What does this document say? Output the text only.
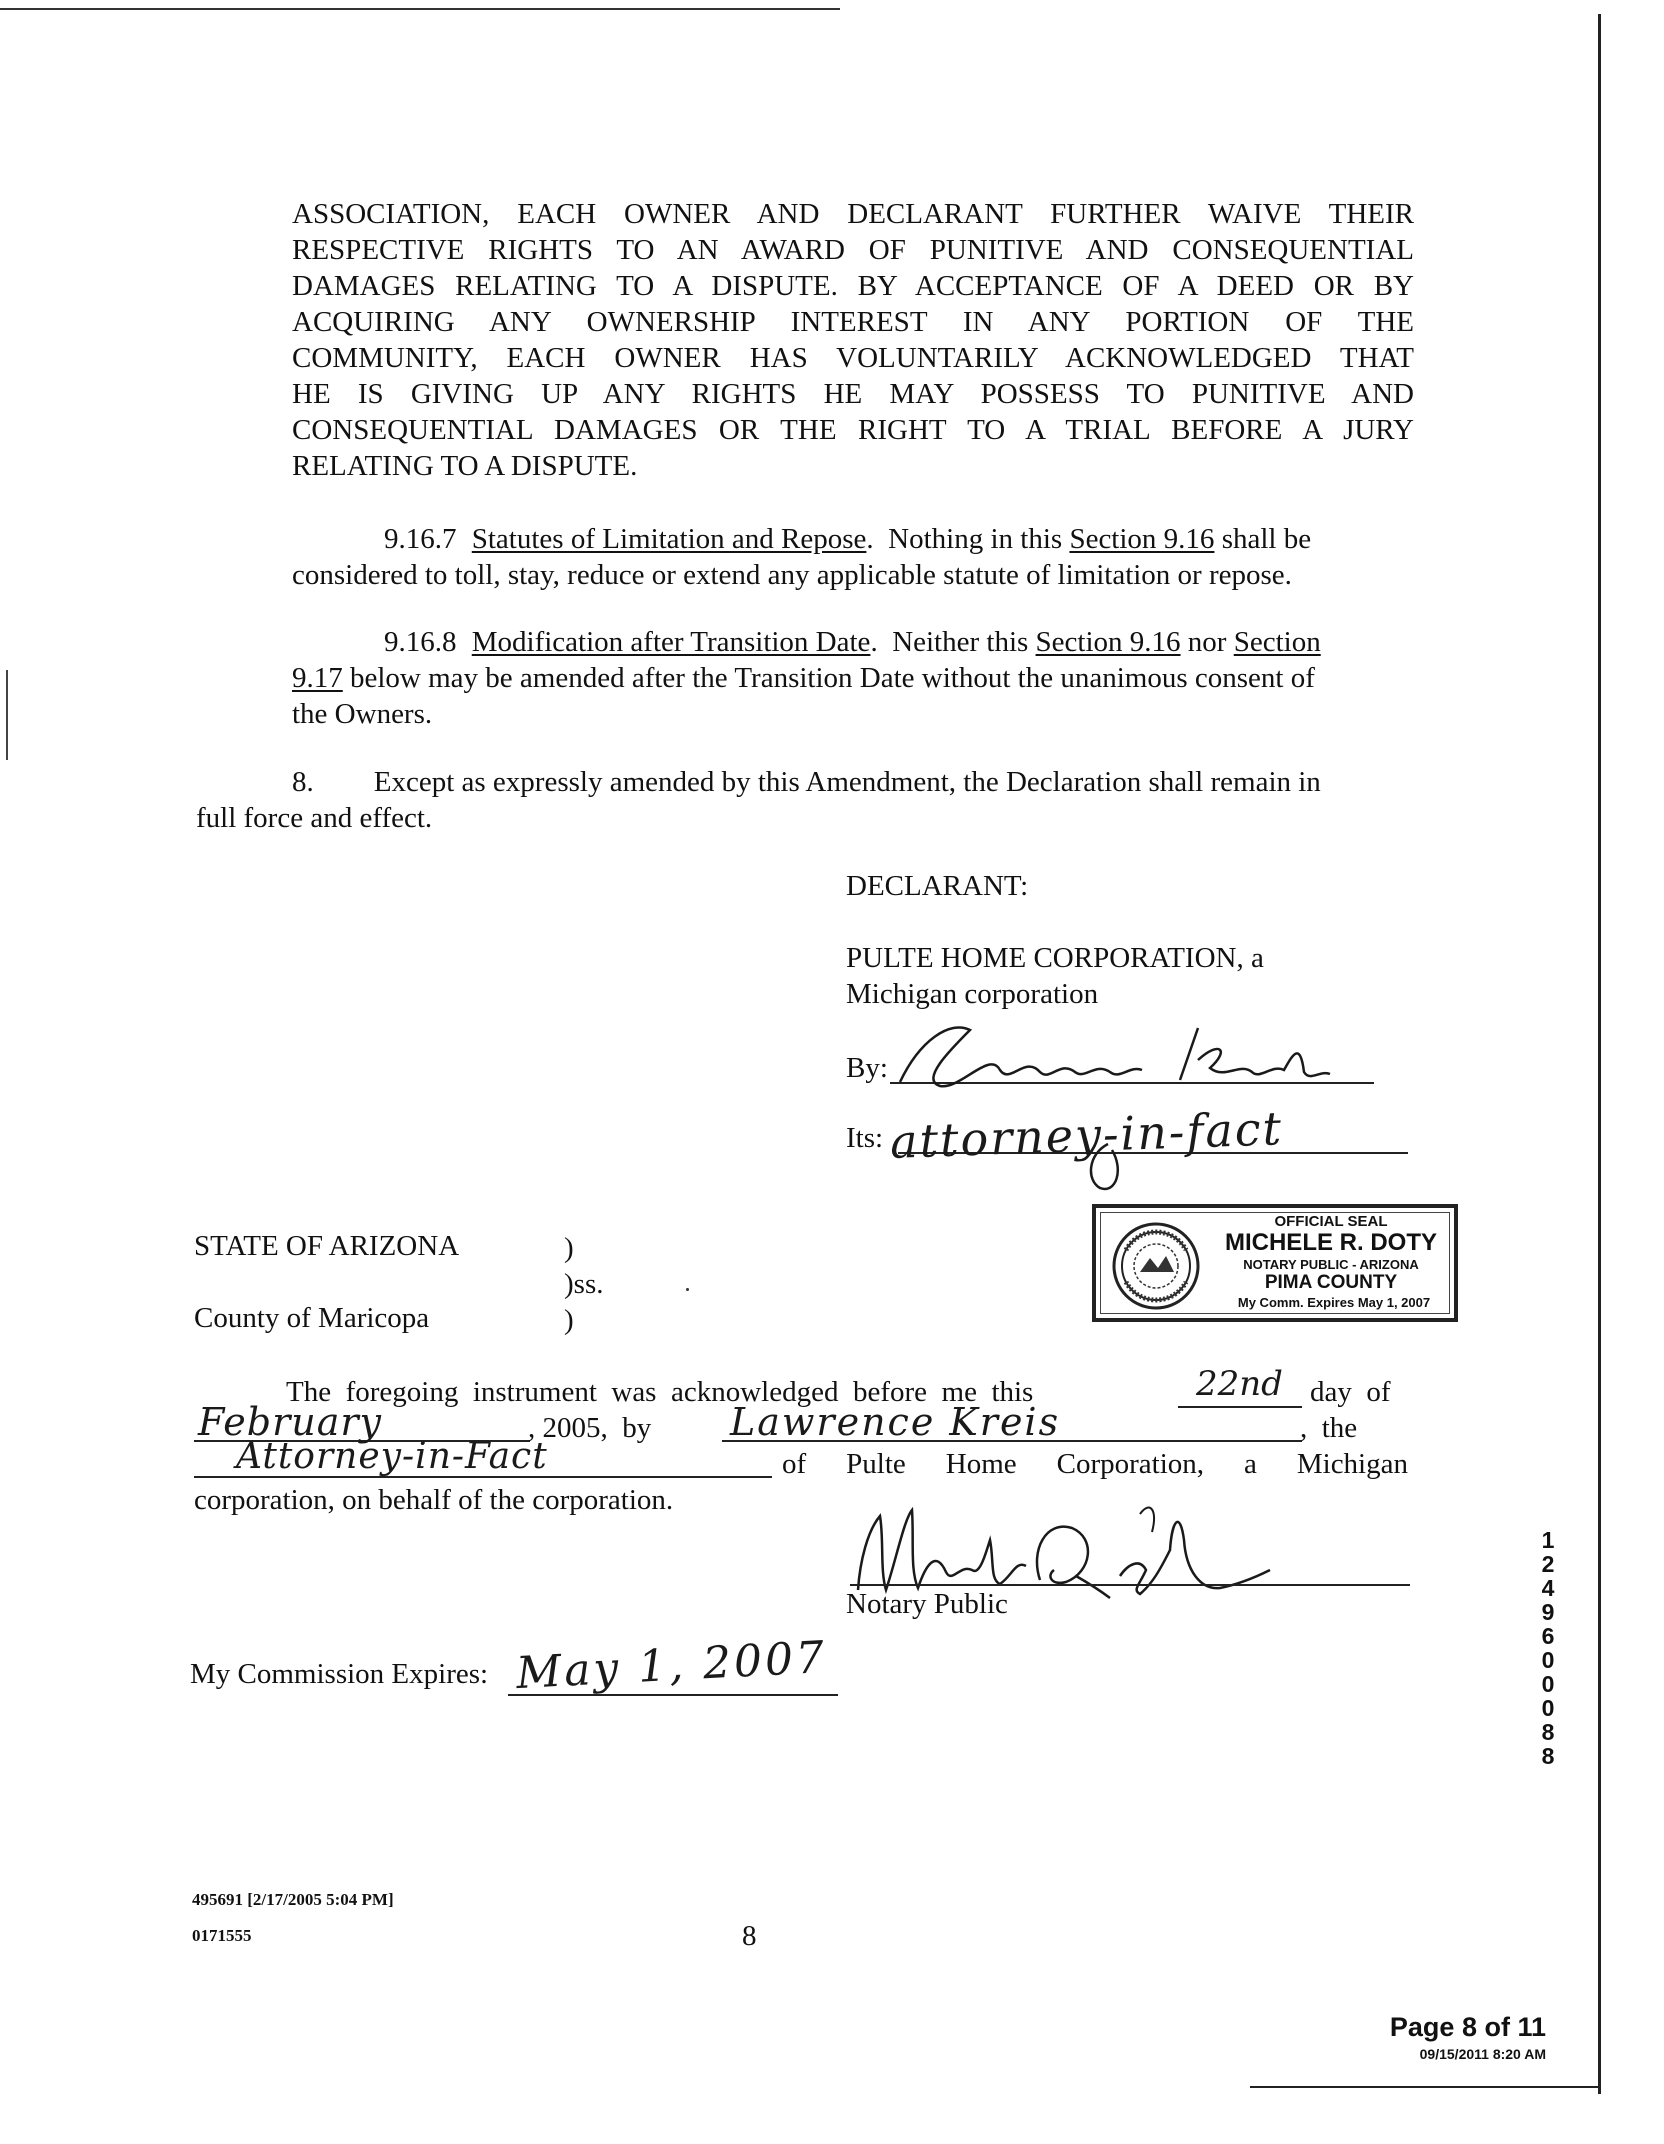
ASSOCIATION, EACH OWNER AND DECLARANT FURTHER WAIVE THEIR
RESPECTIVE RIGHTS TO AN AWARD OF PUNITIVE AND CONSEQUENTIAL
DAMAGES RELATING TO A DISPUTE. BY ACCEPTANCE OF A DEED OR BY
ACQUIRING ANY OWNERSHIP INTEREST IN ANY PORTION OF THE
COMMUNITY, EACH OWNER HAS VOLUNTARILY ACKNOWLEDGED THAT
HE IS GIVING UP ANY RIGHTS HE MAY POSSESS TO PUNITIVE AND
CONSEQUENTIAL DAMAGES OR THE RIGHT TO A TRIAL BEFORE A JURY
RELATING TO A DISPUTE.
9.16.7 Statutes of Limitation and Repose.  Nothing in this Section 9.16 shall be
considered to toll, stay, reduce or extend any applicable statute of limitation or repose.
9.16.8 Modification after Transition Date.  Neither this Section 9.16 nor Section
9.17 below may be amended after the Transition Date without the unanimous consent of
the Owners.
8. Except as expressly amended by this Amendment, the Declaration shall remain in
full force and effect.
DECLARANT:
PULTE HOME CORPORATION, a
Michigan corporation
By:
Its: attorney-in-fact
STATE OF ARIZONA	)
)ss.
County of Maricopa	)
OFFICIAL SEAL
MICHELE R. DOTY
NOTARY PUBLIC - ARIZONA
PIMA COUNTY
My Comm. Expires May 1, 2007
The  foregoing  instrument  was  acknowledged  before  me  this	22nd day  of
February	, 2005,  by Lawrence Kreis	,  the
Attorney-in-Fact	of Pulte Home Corporation, a Michigan
corporation, on behalf of the corporation.
Notary Public
My Commission Expires: May 1, 2007
12496 00088
495691 [2/17/2005 5:04 PM]
0171555	8
Page 8 of 11
09/15/2011 8:20 AM
